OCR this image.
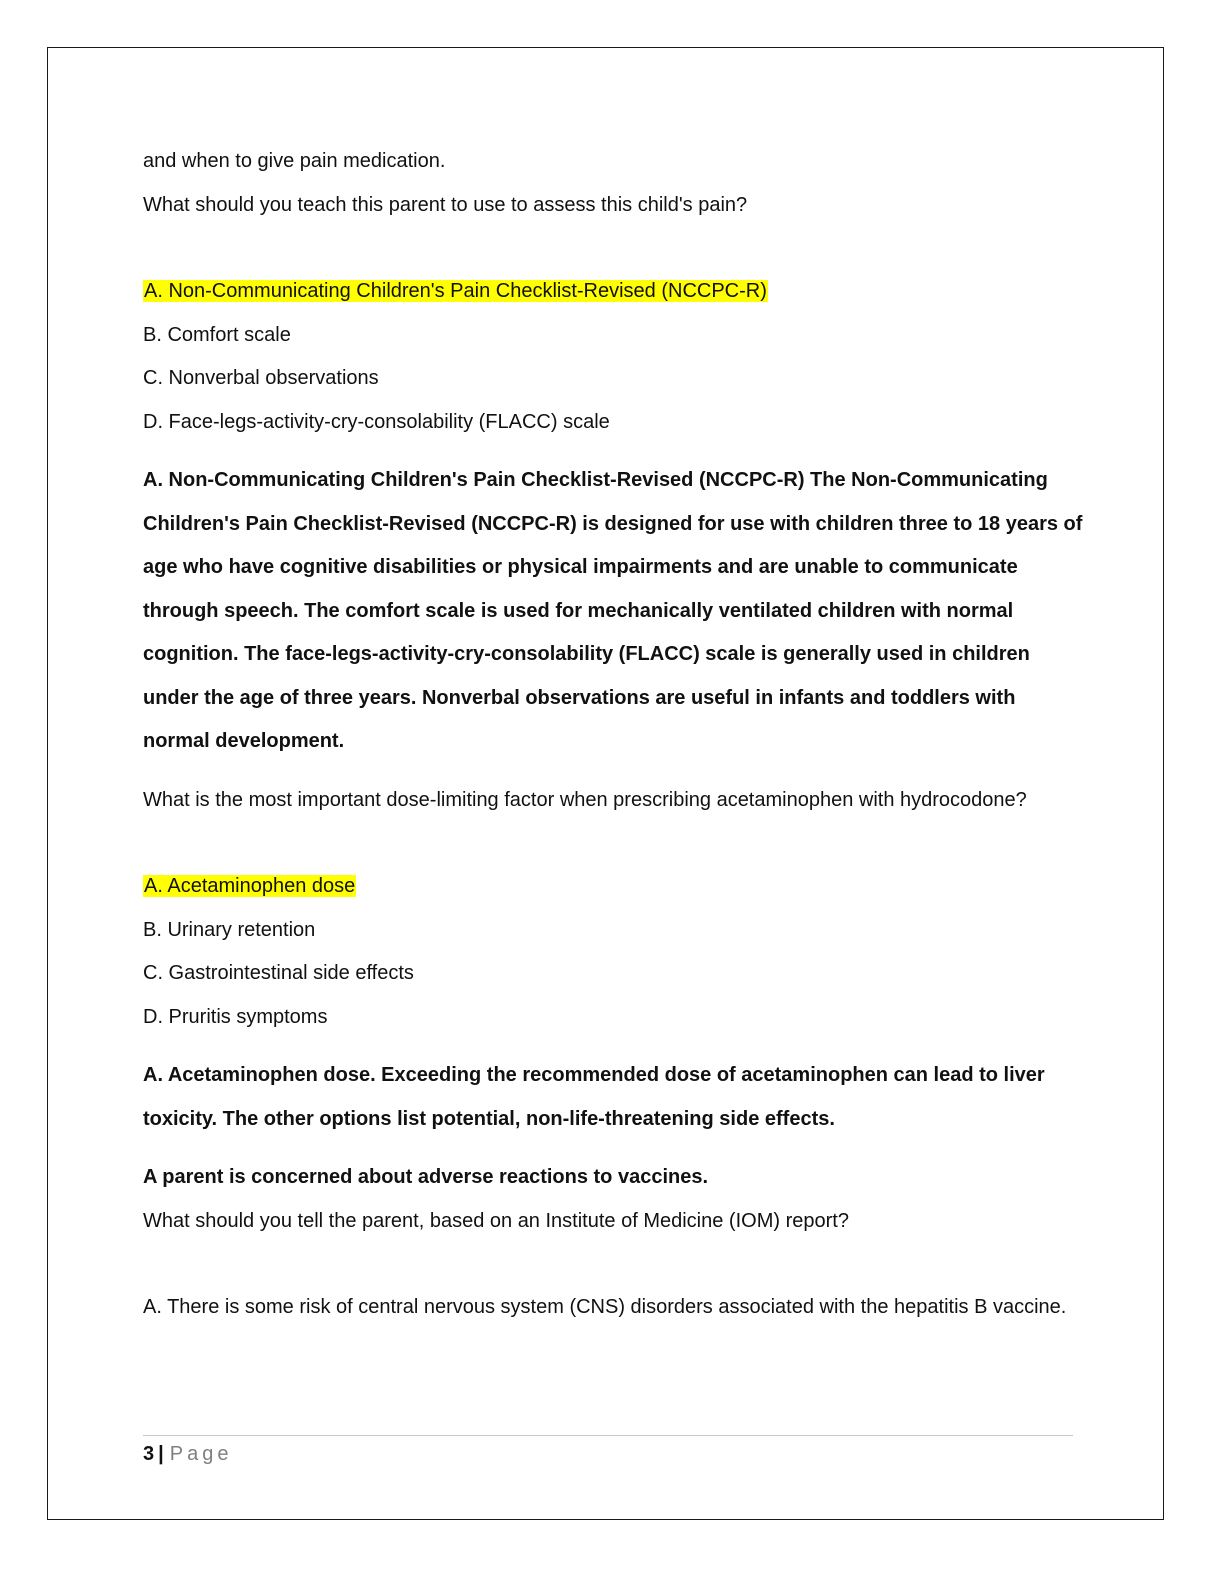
and when to give pain medication.

What should you teach this parent to use to assess this child's pain?

A. Non-Communicating Children's Pain Checklist-Revised (NCCPC-R)

B. Comfort scale

C. Nonverbal observations

D. Face-legs-activity-cry-consolability (FLACC) scale

A. Non-Communicating Children's Pain Checklist-Revised (NCCPC-R) The Non-Communicating Children's Pain Checklist-Revised (NCCPC-R) is designed for use with children three to 18 years of age who have cognitive disabilities or physical impairments and are unable to communicate through speech. The comfort scale is used for mechanically ventilated children with normal cognition. The face-legs-activity-cry-consolability (FLACC) scale is generally used in children under the age of three years. Nonverbal observations are useful in infants and toddlers with normal development.

What is the most important dose-limiting factor when prescribing acetaminophen with hydrocodone?

A. Acetaminophen dose

B. Urinary retention

C. Gastrointestinal side effects

D. Pruritis symptoms

A. Acetaminophen dose. Exceeding the recommended dose of acetaminophen can lead to liver toxicity. The other options list potential, non-life-threatening side effects.

A parent is concerned about adverse reactions to vaccines.

What should you tell the parent, based on an Institute of Medicine (IOM) report?

A. There is some risk of central nervous system (CNS) disorders associated with the hepatitis B vaccine.

3 | Page
